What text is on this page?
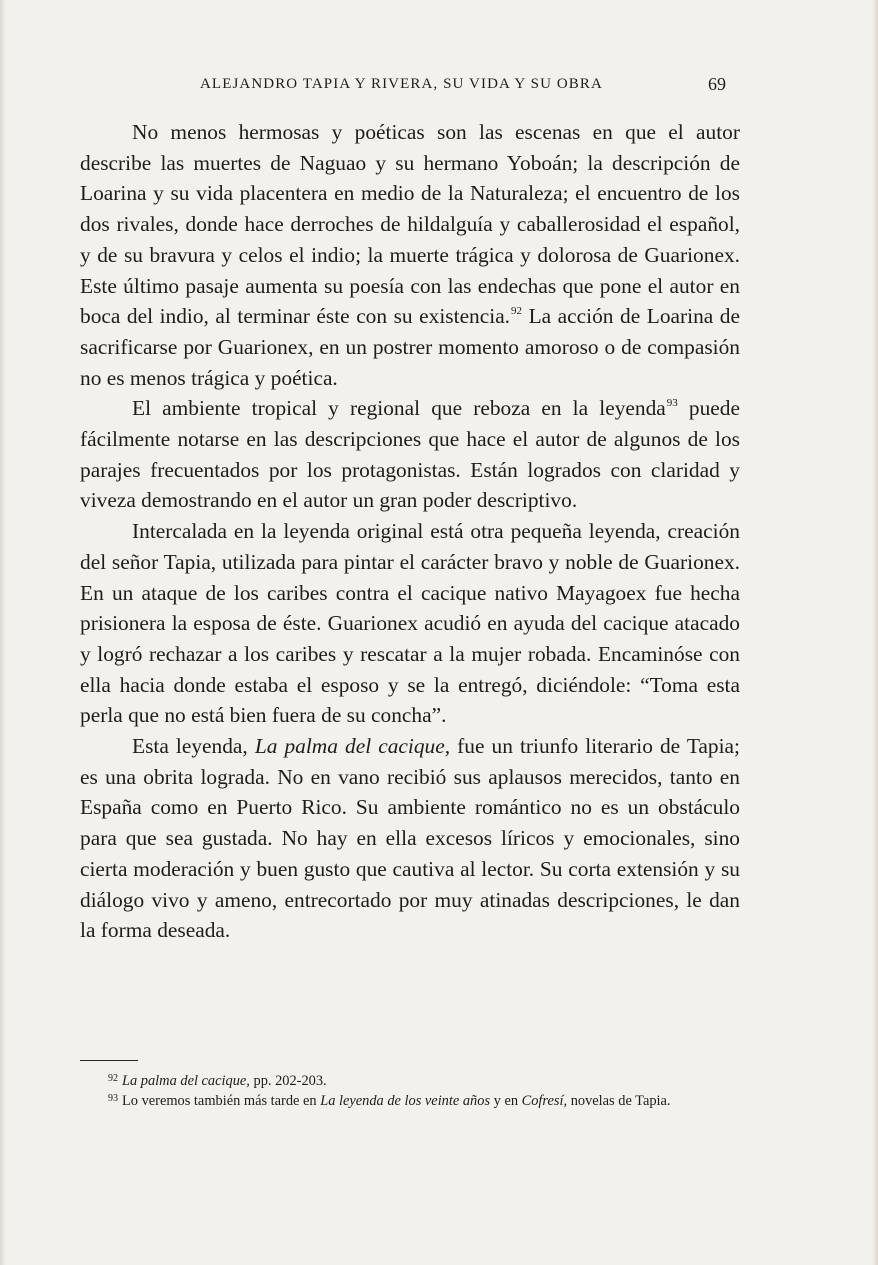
ALEJANDRO TAPIA Y RIVERA, SU VIDA Y SU OBRA	69

No menos hermosas y poéticas son las escenas en que el autor describe las muertes de Naguao y su hermano Yoboán; la descripción de Loarina y su vida placentera en medio de la Naturaleza; el encuentro de los dos rivales, donde hace derroches de hildalguía y caballerosidad el español, y de su bravura y celos el indio; la muerte trágica y dolorosa de Guarionex. Este último pasaje aumenta su poesía con las endechas que pone el autor en boca del indio, al terminar éste con su existencia.$^{92}$ La acción de Loarina de sacrificarse por Guarionex, en un postrer momento amoroso o de compasión no es menos trágica y poética.

El ambiente tropical y regional que reboza en la leyenda$^{93}$ puede fácilmente notarse en las descripciones que hace el autor de algunos de los parajes frecuentados por los protagonistas. Están logrados con claridad y viveza demostrando en el autor un gran poder descriptivo.

Intercalada en la leyenda original está otra pequeña leyenda, creación del señor Tapia, utilizada para pintar el carácter bravo y noble de Guarionex. En un ataque de los caribes contra el cacique nativo Mayagoex fue hecha prisionera la esposa de éste. Guarionex acudió en ayuda del cacique atacado y logró rechazar a los caribes y rescatar a la mujer robada. Encaminóse con ella hacia donde estaba el esposo y se la entregó, diciéndole: “Toma esta perla que no está bien fuera de su concha”.

Esta leyenda, La palma del cacique, fue un triunfo literario de Tapia; es una obrita lograda. No en vano recibió sus aplausos merecidos, tanto en España como en Puerto Rico. Su ambiente romántico no es un obstáculo para que sea gustada. No hay en ella excesos líricos y emocionales, sino cierta moderación y buen gusto que cautiva al lector. Su corta extensión y su diálogo vivo y ameno, entrecortado por muy atinadas descripciones, le dan la forma deseada.

$^{92}$ La palma del cacique, pp. 202-203.

$^{93}$ Lo veremos también más tarde en La leyenda de los veinte años y en Cofresí, novelas de Tapia.
